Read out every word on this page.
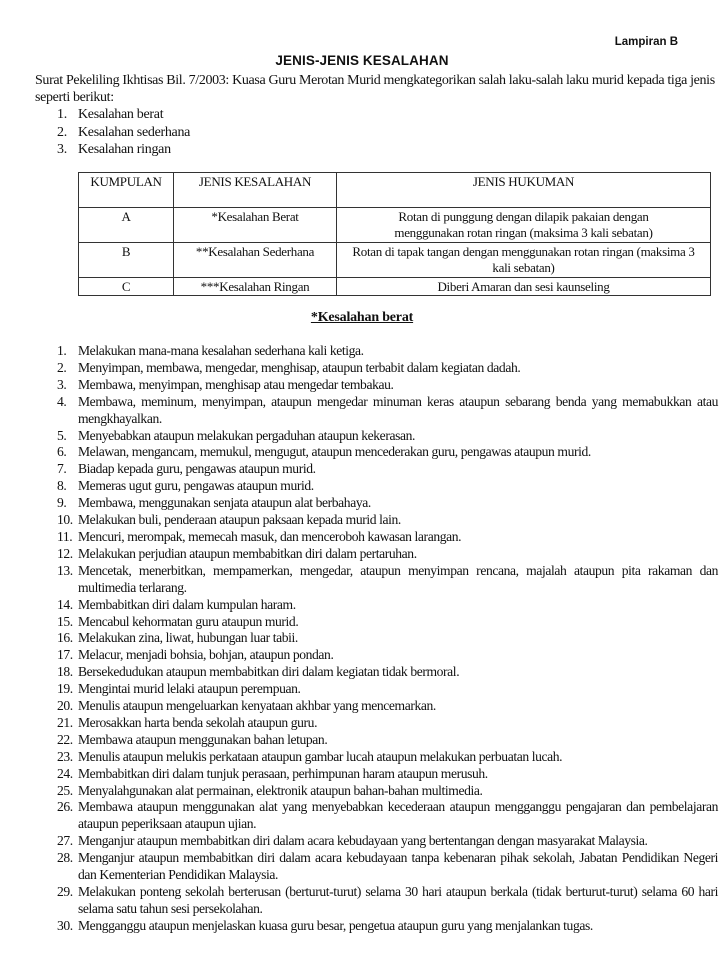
Lampiran B
JENIS-JENIS KESALAHAN
Surat Pekeliling Ikhtisas Bil. 7/2003: Kuasa Guru Merotan Murid mengkategorikan salah laku-salah laku murid kepada tiga jenis seperti berikut:
1. Kesalahan berat
2. Kesalahan sederhana
3. Kesalahan ringan
KUMPULAN	JENIS KESALAHAN	JENIS HUKUMAN
A	*Kesalahan Berat	Rotan di punggung dengan dilapik pakaian dengan menggunakan rotan ringan (maksima 3 kali sebatan)
B	**Kesalahan Sederhana	Rotan di tapak tangan dengan menggunakan rotan ringan (maksima 3 kali sebatan)
C	***Kesalahan Ringan	Diberi Amaran dan sesi kaunseling
*Kesalahan berat
1. Melakukan mana-mana kesalahan sederhana kali ketiga.
2. Menyimpan, membawa, mengedar, menghisap, ataupun terbabit dalam kegiatan dadah.
3. Membawa, menyimpan, menghisap atau mengedar tembakau.
4. Membawa, meminum, menyimpan, ataupun mengedar minuman keras ataupun sebarang benda yang memabukkan atau mengkhayalkan.
5. Menyebabkan ataupun melakukan pergaduhan ataupun kekerasan.
6. Melawan, mengancam, memukul, mengugut, ataupun mencederakan guru, pengawas ataupun murid.
7. Biadap kepada guru, pengawas ataupun murid.
8. Memeras ugut guru, pengawas ataupun murid.
9. Membawa, menggunakan senjata ataupun alat berbahaya.
10. Melakukan buli, penderaan ataupun paksaan kepada murid lain.
11. Mencuri, merompak, memecah masuk, dan menceroboh kawasan larangan.
12. Melakukan perjudian ataupun membabitkan diri dalam pertaruhan.
13. Mencetak, menerbitkan, mempamerkan, mengedar, ataupun menyimpan rencana, majalah ataupun pita rakaman dan multimedia terlarang.
14. Membabitkan diri dalam kumpulan haram.
15. Mencabul kehormatan guru ataupun murid.
16. Melakukan zina, liwat, hubungan luar tabii.
17. Melacur, menjadi bohsia, bohjan, ataupun pondan.
18. Bersekedudukan ataupun membabitkan diri dalam kegiatan tidak bermoral.
19. Mengintai murid lelaki ataupun perempuan.
20. Menulis ataupun mengeluarkan kenyataan akhbar yang mencemarkan.
21. Merosakkan harta benda sekolah ataupun guru.
22. Membawa ataupun menggunakan bahan letupan.
23. Menulis ataupun melukis perkataan ataupun gambar lucah ataupun melakukan perbuatan lucah.
24. Membabitkan diri dalam tunjuk perasaan, perhimpunan haram ataupun merusuh.
25. Menyalahgunakan alat permainan, elektronik ataupun bahan-bahan multimedia.
26. Membawa ataupun menggunakan alat yang menyebabkan kecederaan ataupun mengganggu pengajaran dan pembelajaran ataupun peperiksaan ataupun ujian.
27. Menganjur ataupun membabitkan diri dalam acara kebudayaan yang bertentangan dengan masyarakat Malaysia.
28. Menganjur ataupun membabitkan diri dalam acara kebudayaan tanpa kebenaran pihak sekolah, Jabatan Pendidikan Negeri dan Kementerian Pendidikan Malaysia.
29. Melakukan ponteng sekolah berterusan (berturut-turut) selama 30 hari ataupun berkala (tidak berturut-turut) selama 60 hari selama satu tahun sesi persekolahan.
30. Mengganggu ataupun menjelaskan kuasa guru besar, pengetua ataupun guru yang menjalankan tugas.
